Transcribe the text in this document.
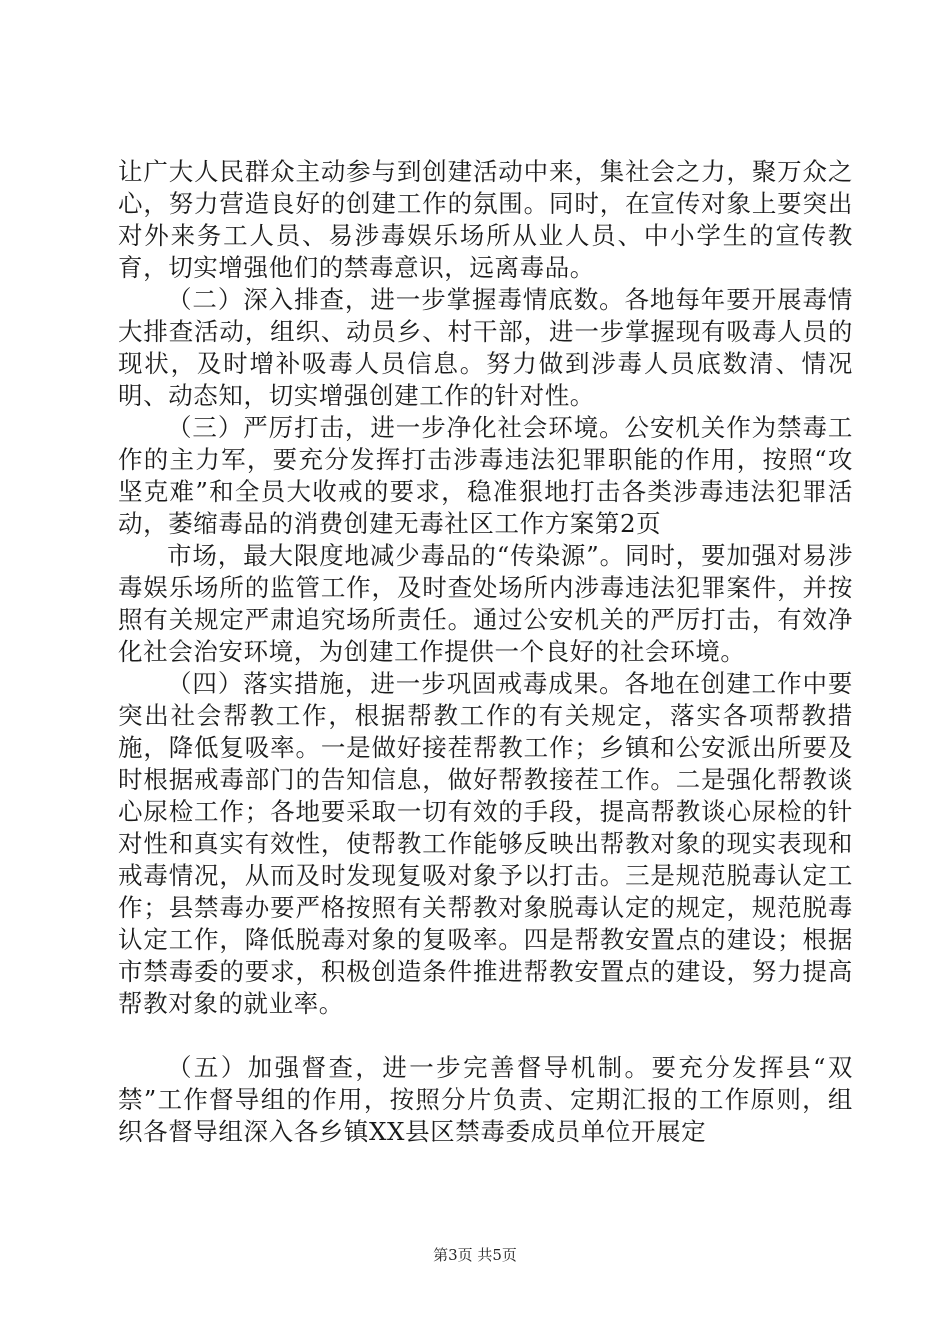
让广大人民群众主动参与到创建活动中来，集社会之力，聚万众之心，努力营造良好的创建工作的氛围。同时，在宣传对象上要突出对外来务工人员、易涉毒娱乐场所从业人员、中小学生的宣传教育，切实增强他们的禁毒意识，远离毒品。

（二）深入排查，进一步掌握毒情底数。各地每年要开展毒情大排查活动，组织、动员乡、村干部，进一步掌握现有吸毒人员的现状，及时增补吸毒人员信息。努力做到涉毒人员底数清、情况明、动态知，切实增强创建工作的针对性。

（三）严厉打击，进一步净化社会环境。公安机关作为禁毒工作的主力军，要充分发挥打击涉毒违法犯罪职能的作用，按照“攻坚克难”和全员大收戒的要求，稳准狠地打击各类涉毒违法犯罪活动，萎缩毒品的消费创建无毒社区工作方案第2页

市场，最大限度地减少毒品的“传染源”。同时，要加强对易涉毒娱乐场所的监管工作，及时查处场所内涉毒违法犯罪案件，并按照有关规定严肃追究场所责任。通过公安机关的严厉打击，有效净化社会治安环境，为创建工作提供一个良好的社会环境。

（四）落实措施，进一步巩固戒毒成果。各地在创建工作中要突出社会帮教工作，根据帮教工作的有关规定，落实各项帮教措施，降低复吸率。一是做好接茬帮教工作；乡镇和公安派出所要及时根据戒毒部门的告知信息，做好帮教接茬工作。二是强化帮教谈心尿检工作；各地要采取一切有效的手段，提高帮教谈心尿检的针对性和真实有效性，使帮教工作能够反映出帮教对象的现实表现和戒毒情况，从而及时发现复吸对象予以打击。三是规范脱毒认定工作；县禁毒办要严格按照有关帮教对象脱毒认定的规定，规范脱毒认定工作，降低脱毒对象的复吸率。四是帮教安置点的建设；根据市禁毒委的要求，积极创造条件推进帮教安置点的建设，努力提高帮教对象的就业率。

（五）加强督查，进一步完善督导机制。要充分发挥县“双禁”工作督导组的作用，按照分片负责、定期汇报的工作原则，组织各督导组深入各乡镇XX县区禁毒委成员单位开展定

第3页 共5页
